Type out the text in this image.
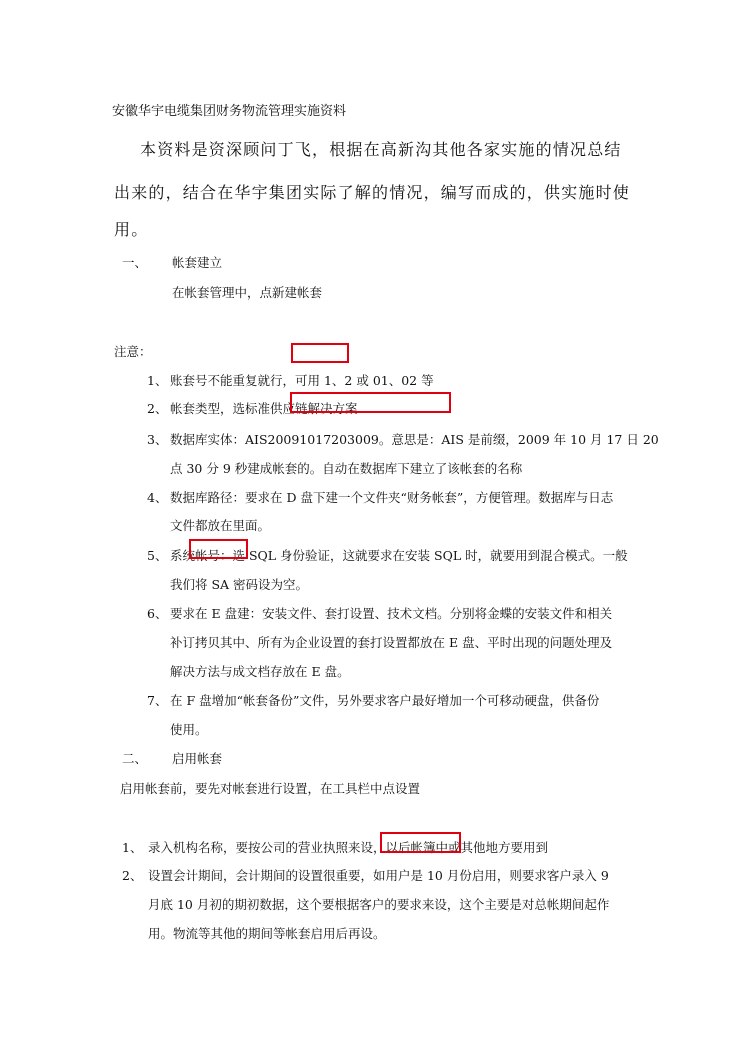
安徽华宇电缆集团财务物流管理实施资料
本资料是资深顾问丁飞，根据在高新沟其他各家实施的情况总结
出来的，结合在华宇集团实际了解的情况，编写而成的，供实施时使
用。
一、 帐套建立
在帐套管理中，点新建帐套
注意：
1、 账套号不能重复就行，可用 1、2 或 01、02 等
2、 帐套类型，选标准供应链解决方案
3、 数据库实体：AIS20091017203009。意思是：AIS 是前缀，2009 年 10 月 17 日 20
点 30 分 9 秒建成帐套的。自动在数据库下建立了该帐套的名称
4、 数据库路径：要求在 D 盘下建一个文件夹“财务帐套”，方便管理。数据库与日志
文件都放在里面。
5、 系统帐号：选 SQL 身份验证，这就要求在安装 SQL 时，就要用到混合模式。一般
我们将 SA 密码设为空。
6、 要求在 E 盘建：安装文件、套打设置、技术文档。分别将金蝶的安装文件和相关
补订拷贝其中、所有为企业设置的套打设置都放在 E 盘、平时出现的问题处理及
解决方法与成文档存放在 E 盘。
7、 在 F 盘增加“帐套备份”文件，另外要求客户最好增加一个可移动硬盘，供备份
使用。
二、 启用帐套
启用帐套前，要先对帐套进行设置，在工具栏中点设置
1、 录入机构名称，要按公司的营业执照来设，以后帐簿中或其他地方要用到
2、 设置会计期间，会计期间的设置很重要，如用户是 10 月份启用，则要求客户录入 9
月底 10 月初的期初数据，这个要根据客户的要求来设，这个主要是对总帐期间起作
用。物流等其他的期间等帐套启用后再设。
